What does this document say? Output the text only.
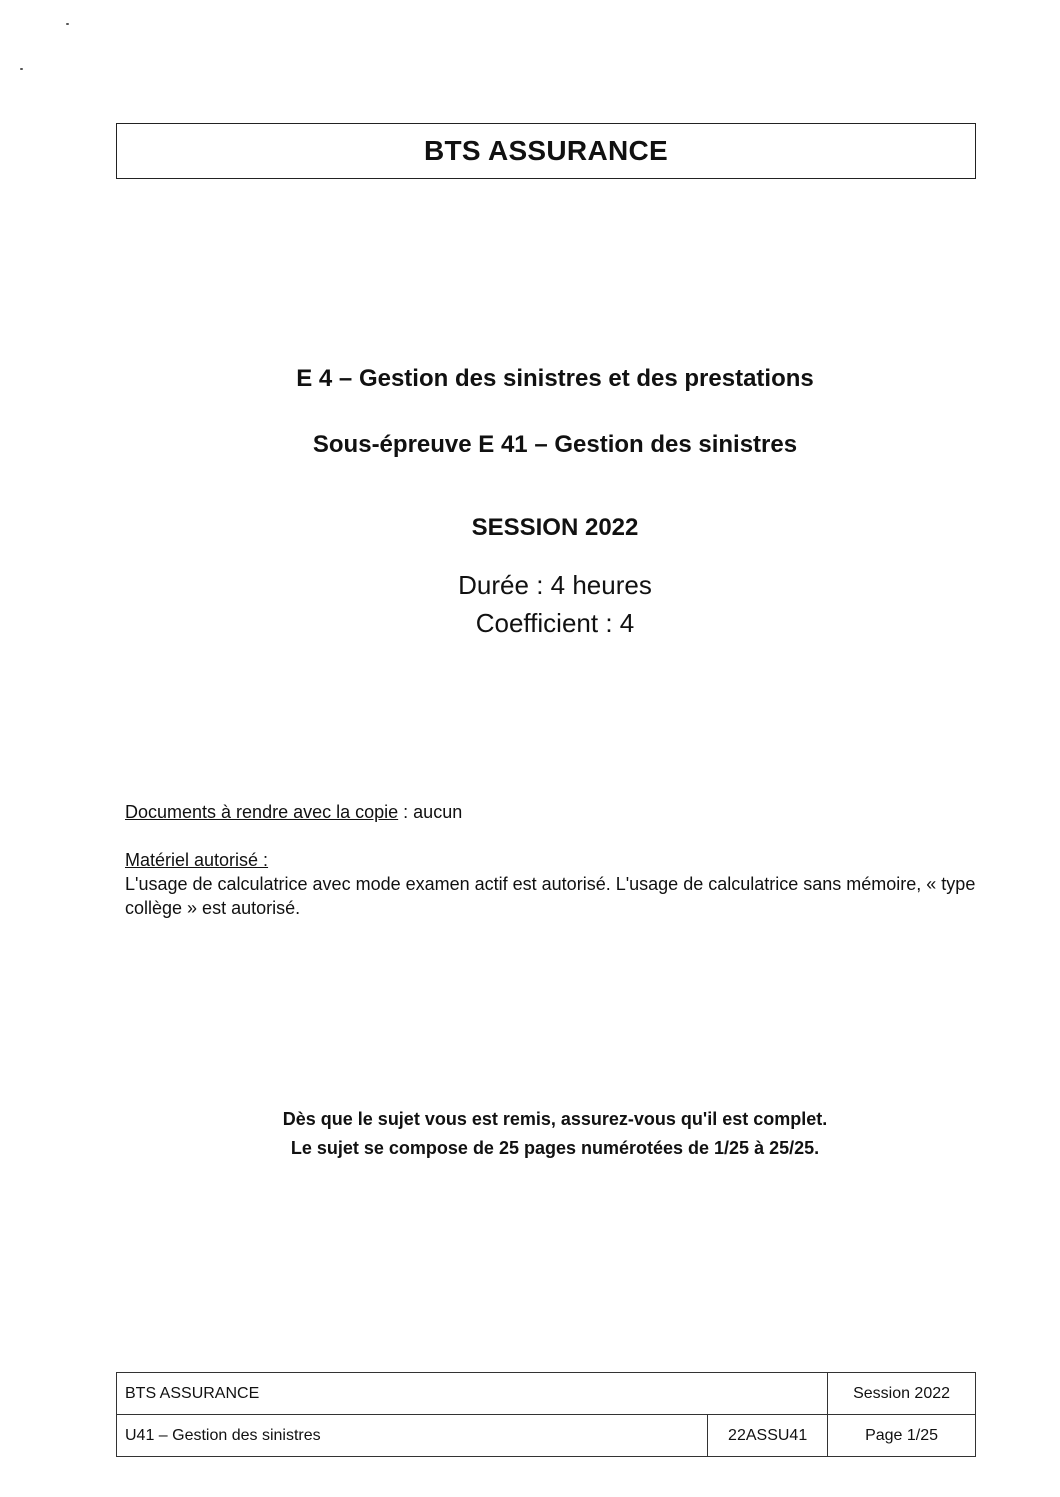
BTS ASSURANCE
E 4 – Gestion des sinistres et des prestations
Sous-épreuve E 41 – Gestion des sinistres
SESSION 2022
Durée : 4 heures
Coefficient : 4
Documents à rendre avec la copie : aucun
Matériel autorisé :
L'usage de calculatrice avec mode examen actif est autorisé. L'usage de calculatrice sans mémoire, « type collège » est autorisé.
Dès que le sujet vous est remis, assurez-vous qu'il est complet.
Le sujet se compose de 25 pages numérotées de 1/25 à 25/25.
BTS ASSURANCE		Session 2022
U41 – Gestion des sinistres	22ASSU41	Page 1/25
